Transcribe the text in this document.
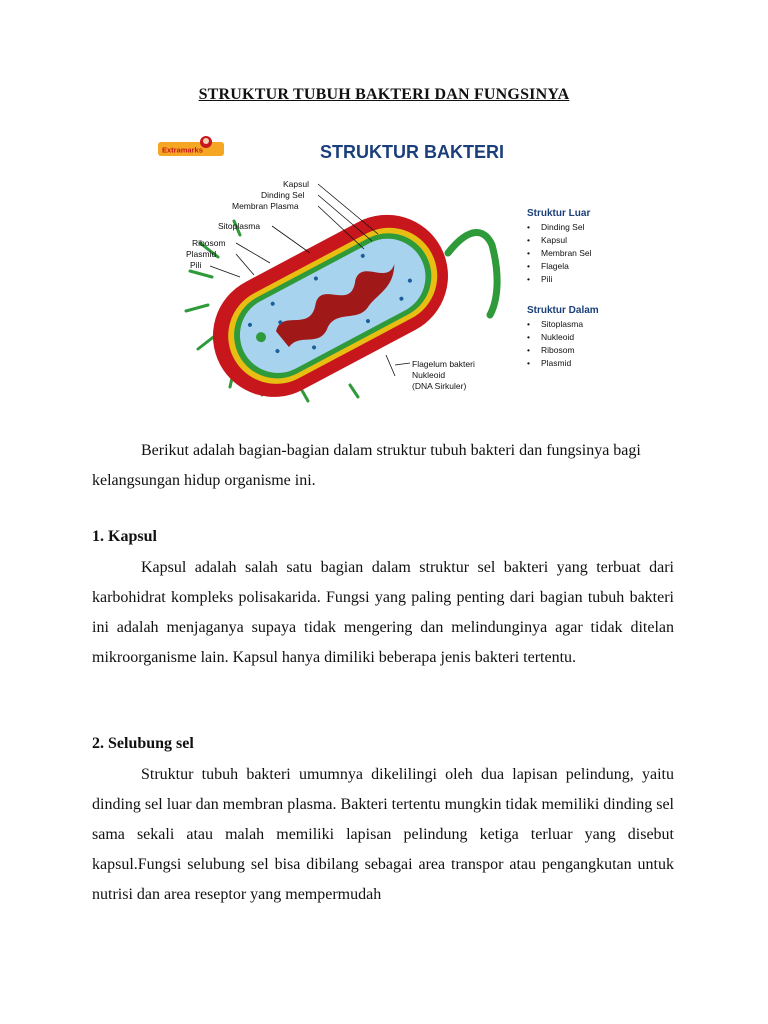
STRUKTUR TUBUH BAKTERI DAN FUNGSINYA
Extramarks	STRUKTUR BAKTERI
Kapsul
Dinding Sel
Membran Plasma
Sitoplasma
Ribosom
Plasmid
Pili
Flagelum bakteri
Nukleoid
(DNA Sirkuler)
Struktur Luar
• Dinding Sel
• Kapsul
• Membran Sel
• Flagela
• Pili
Struktur Dalam
• Sitoplasma
• Nukleoid
• Ribosom
• Plasmid
Berikut adalah bagian-bagian dalam struktur tubuh bakteri dan fungsinya bagi kelangsungan hidup organisme ini.
1. Kapsul
Kapsul adalah salah satu bagian dalam struktur sel bakteri yang terbuat dari karbohidrat kompleks polisakarida. Fungsi yang paling penting dari bagian tubuh bakteri ini adalah menjaganya supaya tidak mengering dan melindunginya agar tidak ditelan mikroorganisme lain. Kapsul hanya dimiliki beberapa jenis bakteri tertentu.
2. Selubung sel
Struktur tubuh bakteri umumnya dikelilingi oleh dua lapisan pelindung, yaitu dinding sel luar dan membran plasma. Bakteri tertentu mungkin tidak memiliki dinding sel sama sekali atau malah memiliki lapisan pelindung ketiga terluar yang disebut kapsul.Fungsi selubung sel bisa dibilang sebagai area transpor atau pengangkutan untuk nutrisi dan area reseptor yang mempermudah
